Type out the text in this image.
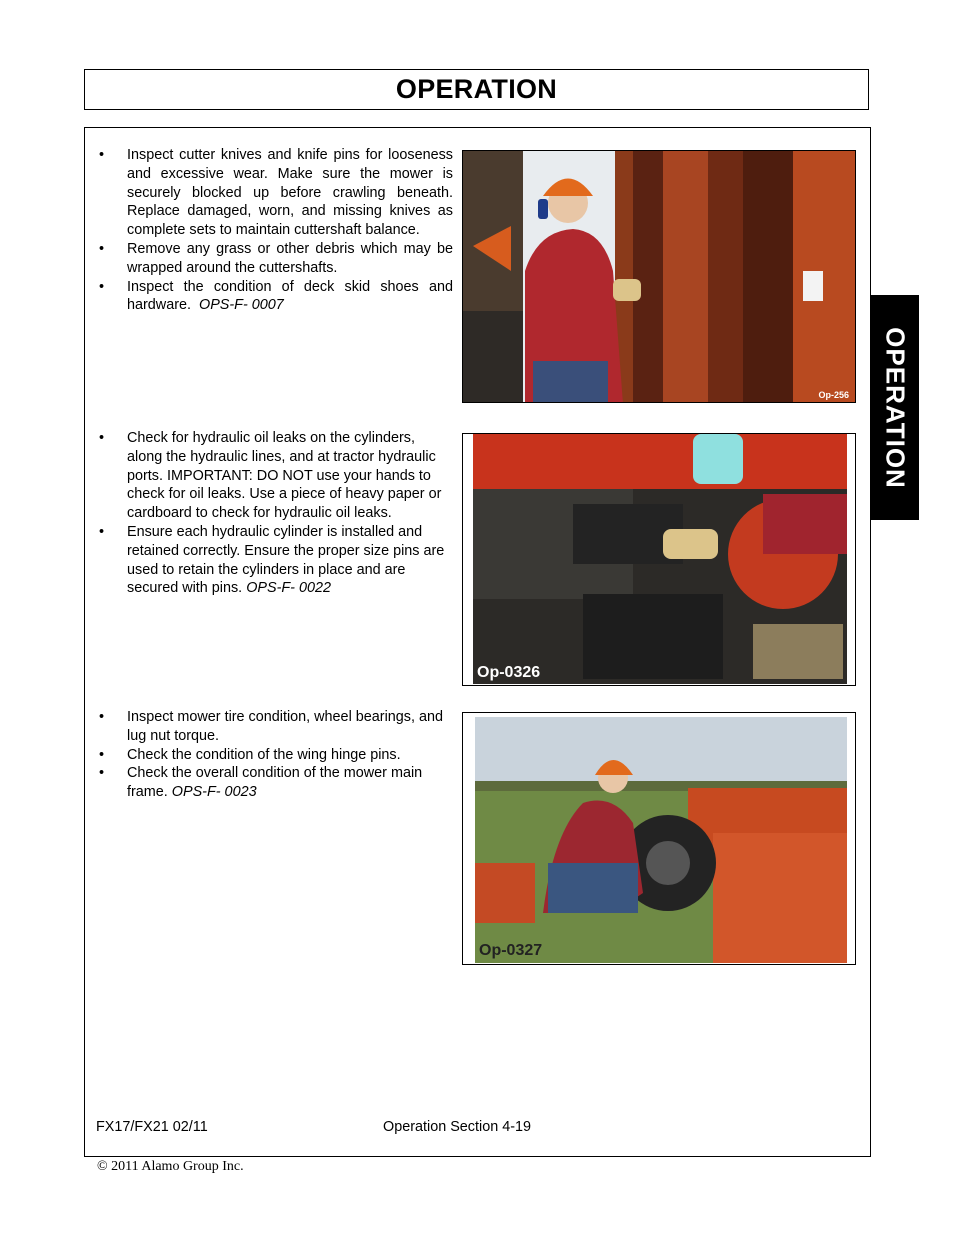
OPERATION
OPERATION
• Inspect cutter knives and knife pins for looseness and excessive wear. Make sure the mower is securely blocked up before crawling beneath. Replace damaged, worn, and missing knives as complete sets to maintain cuttershaft balance.
• Remove any grass or other debris which may be wrapped around the cuttershafts.
• Inspect the condition of deck skid shoes and hardware. OPS-F- 0007
Op-256
• Check for hydraulic oil leaks on the cylinders, along the hydraulic lines, and at tractor hydraulic ports. IMPORTANT: DO NOT use your hands to check for oil leaks. Use a piece of heavy paper or cardboard to check for hydraulic oil leaks.
• Ensure each hydraulic cylinder is installed and retained correctly. Ensure the proper size pins are used to retain the cylinders in place and are secured with pins. OPS-F- 0022
Op-0326
• Inspect mower tire condition, wheel bearings, and lug nut torque.
• Check the condition of the wing hinge pins.
• Check the overall condition of the mower main frame. OPS-F- 0023
Op-0327
FX17/FX21 02/11	Operation Section 4-19
© 2011 Alamo Group Inc.
